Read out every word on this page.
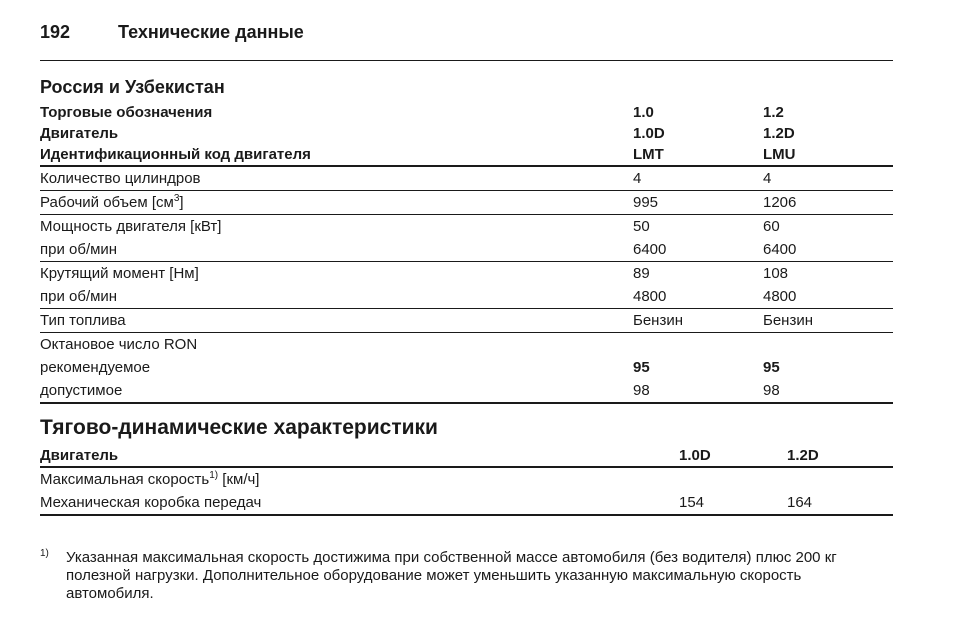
192	Технические данные
Россия и Узбекистан
Торговые обозначения	1.0	1.2
Двигатель	1.0D	1.2D
Идентификационный код двигателя	LMT	LMU
Количество цилиндров	4	4
Рабочий объем $[см^3]$	995	1206
Мощность двигателя [кВт]	50	60
при об/мин	6400	6400
Крутящий момент [Нм]	89	108
при об/мин	4800	4800
Тип топлива	Бензин	Бензин
Октановое число RON		
рекомендуемое	95	95
допустимое	98	98
Тягово-динамические характеристики
Двигатель	1.0D	1.2D
Максимальная скорость$^{1)}$ [км/ч]		
Механическая коробка передач	154	164
1) Указанная максимальная скорость достижима при собственной массе автомобиля (без водителя) плюс 200 кг
полезной нагрузки. Дополнительное оборудование может уменьшить указанную максимальную скорость
автомобиля.
